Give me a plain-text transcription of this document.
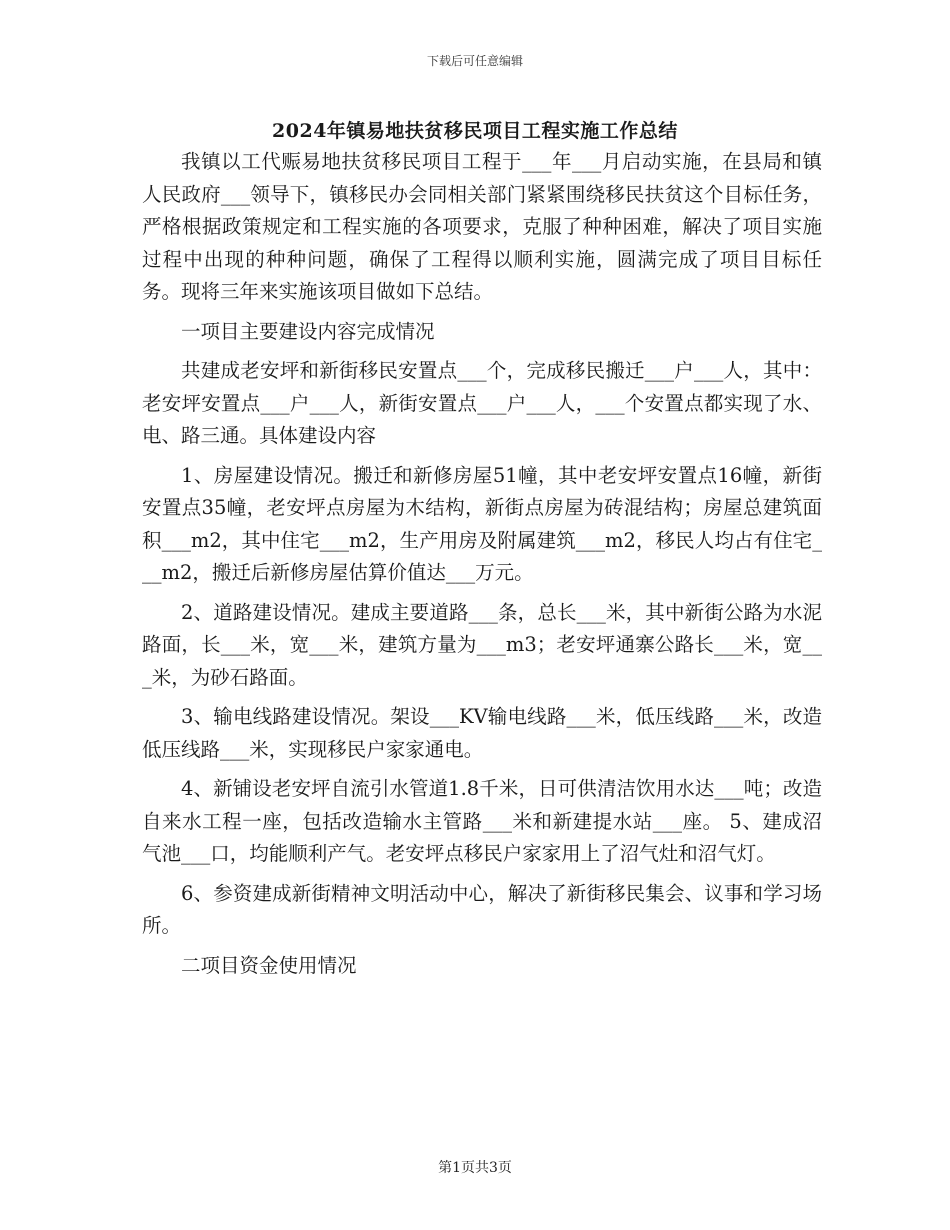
下载后可任意编辑
2024年镇易地扶贫移民项目工程实施工作总结

我镇以工代赈易地扶贫移民项目工程于___年___月启动实施，在县局和镇人民政府___领导下，镇移民办会同相关部门紧紧围绕移民扶贫这个目标任务，严格根据政策规定和工程实施的各项要求，克服了种种困难，解决了项目实施过程中出现的种种问题，确保了工程得以顺利实施，圆满完成了项目目标任务。现将三年来实施该项目做如下总结。

一项目主要建设内容完成情况

共建成老安坪和新街移民安置点___个，完成移民搬迁___户___人，其中：老安坪安置点___户___人，新街安置点___户___人，___个安置点都实现了水、电、路三通。具体建设内容

1、房屋建设情况。搬迁和新修房屋51幢，其中老安坪安置点16幢，新街安置点35幢，老安坪点房屋为木结构，新街点房屋为砖混结构；房屋总建筑面积___m2，其中住宅___m2，生产用房及附属建筑___m2，移民人均占有住宅___m2，搬迁后新修房屋估算价值达___万元。

2、道路建设情况。建成主要道路___条，总长___米，其中新街公路为水泥路面，长___米，宽___米，建筑方量为___m3；老安坪通寨公路长___米，宽___米，为砂石路面。

3、输电线路建设情况。架设___KV输电线路___米，低压线路___米，改造低压线路___米，实现移民户家家通电。

4、新铺设老安坪自流引水管道1.8千米，日可供清洁饮用水达___吨；改造自来水工程一座，包括改造输水主管路___米和新建提水站___座。 5、建成沼气池___口，均能顺利产气。老安坪点移民户家家用上了沼气灶和沼气灯。

6、参资建成新街精神文明活动中心，解决了新街移民集会、议事和学习场所。

二项目资金使用情况

第1页共3页
